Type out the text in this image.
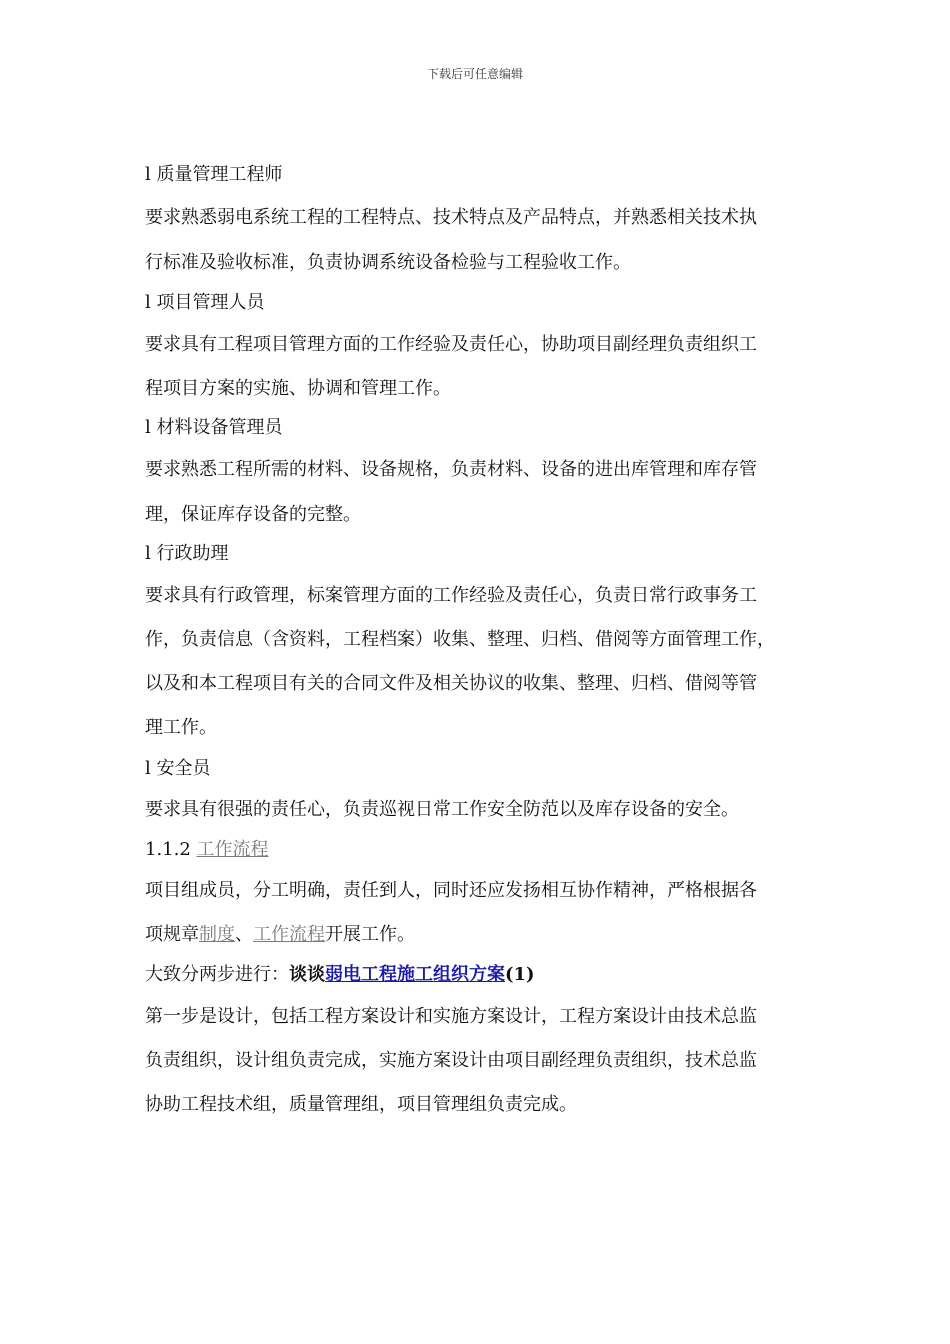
下载后可任意编辑
l 质量管理工程师
要求熟悉弱电系统工程的工程特点、技术特点及产品特点，并熟悉相关技术执
行标准及验收标准，负责协调系统设备检验与工程验收工作。
l 项目管理人员
要求具有工程项目管理方面的工作经验及责任心，协助项目副经理负责组织工
程项目方案的实施、协调和管理工作。
l 材料设备管理员
要求熟悉工程所需的材料、设备规格，负责材料、设备的进出库管理和库存管
理，保证库存设备的完整。
l 行政助理
要求具有行政管理，标案管理方面的工作经验及责任心，负责日常行政事务工
作，负责信息（含资料，工程档案）收集、整理、归档、借阅等方面管理工作，
以及和本工程项目有关的合同文件及相关协议的收集、整理、归档、借阅等管
理工作。
l 安全员
要求具有很强的责任心，负责巡视日常工作安全防范以及库存设备的安全。
1.1.2 工作流程
项目组成员，分工明确，责任到人，同时还应发扬相互协作精神，严格根据各
项规章制度、工作流程开展工作。
大致分两步进行：谈谈弱电工程施工组织方案(1)
第一步是设计，包括工程方案设计和实施方案设计，工程方案设计由技术总监
负责组织，设计组负责完成，实施方案设计由项目副经理负责组织，技术总监
协助工程技术组，质量管理组，项目管理组负责完成。
